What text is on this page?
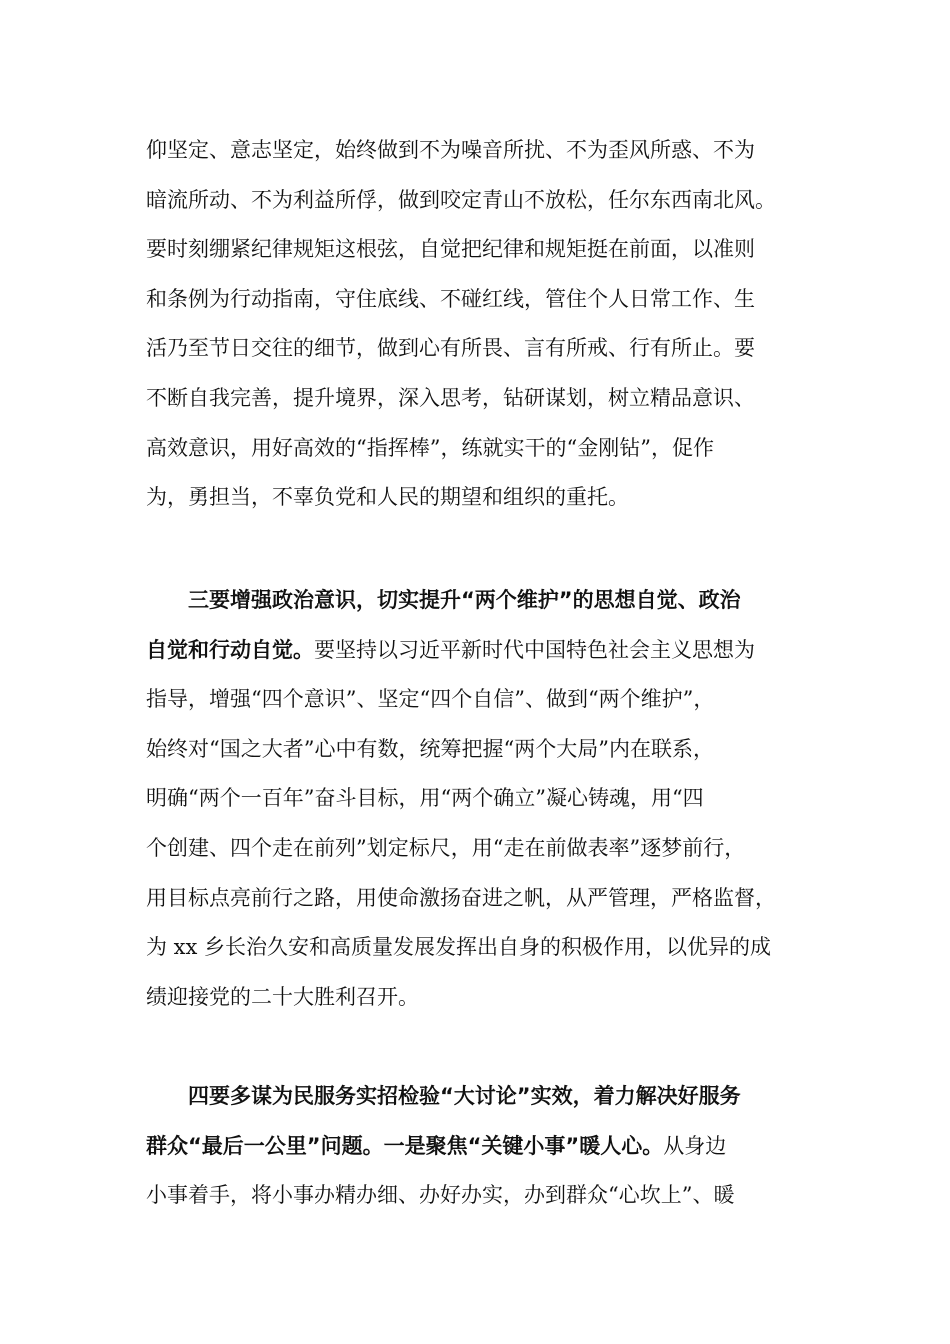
仰坚定、意志坚定，始终做到不为噪音所扰、不为歪风所惑、不为
暗流所动、不为利益所俘，做到咬定青山不放松，任尔东西南北风。
要时刻绷紧纪律规矩这根弦，自觉把纪律和规矩挺在前面，以准则
和条例为行动指南，守住底线、不碰红线，管住个人日常工作、生
活乃至节日交往的细节，做到心有所畏、言有所戒、行有所止。要
不断自我完善，提升境界，深入思考，钻研谋划，树立精品意识、
高效意识，用好高效的“指挥棒”，练就实干的“金刚钻”，促作
为，勇担当，不辜负党和人民的期望和组织的重托。
三要增强政治意识，切实提升“两个维护”的思想自觉、政治
自觉和行动自觉。要坚持以习近平新时代中国特色社会主义思想为
指导，增强“四个意识”、坚定“四个自信”、做到“两个维护”，
始终对“国之大者”心中有数，统筹把握“两个大局”内在联系，
明确“两个一百年”奋斗目标，用“两个确立”凝心铸魂，用“四
个创建、四个走在前列”划定标尺，用“走在前做表率”逐梦前行，
用目标点亮前行之路，用使命激扬奋进之帆，从严管理，严格监督，
为 xx 乡长治久安和高质量发展发挥出自身的积极作用，以优异的成
绩迎接党的二十大胜利召开。
四要多谋为民服务实招检验“大讨论”实效，着力解决好服务
群众“最后一公里”问题。一是聚焦“关键小事”暖人心。从身边
小事着手，将小事办精办细、办好办实，办到群众“心坎上”、暖
